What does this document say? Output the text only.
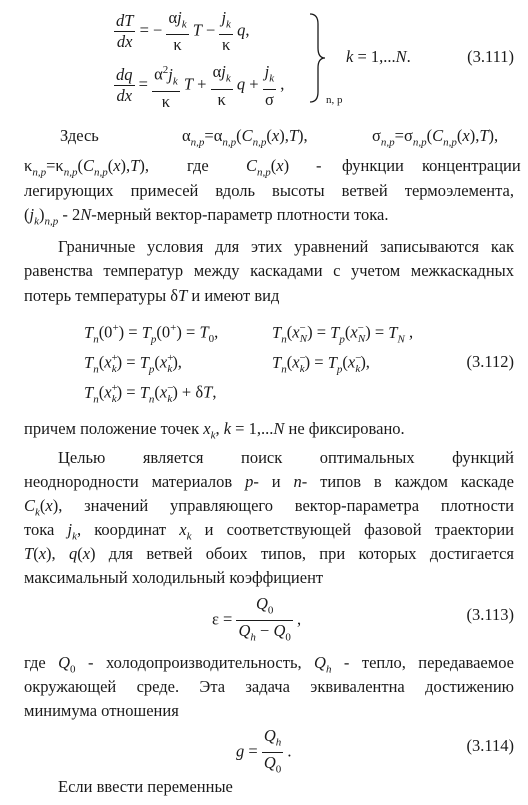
$\frac{dT}{dx}$ = − $\frac{\alpha j_k}{\kappa}$ $T - \frac{j_k}{\kappa} q$,
$\frac{dq}{dx} = \frac{\alpha^2j_k}{\kappa}$ $T + \frac{\alpha j_k}{\kappa}$ $q + \frac{j_k}{\sigma}$ ,
n, p
k = 1,...N.	(3.111)
Здесь	$\alpha_{n,p}=\alpha_{n,p}(C_{n,p}(x),T)$,	$\sigma_{n,p}=\sigma_{n,p}(C_{n,p}(x),T)$,
$\kappa_{n,p}=\kappa_{n,p}(C_{n,p}(x),T)$, где $C_{n,p}(x)$ - функции концентрации
легирующих примесей вдоль высоты ветвей термоэлемента,
$(j_k)_{n,p}$ - 2N-мерный вектор-параметр плотности тока.
Граничные условия для этих уравнений записываются как
равенства температур между каскадами с учетом межкаскадных
потерь температуры δT и имеют вид
$T_n(0^+) = T_p(0^+) = T_0$,	$T_n(x^-_N) = T_p(x^-_N) = T_N$ ,
$T_n(x^+_k) = T_p(x^+_k)$,	$T_n(x^-_k) = T_p(x^-_k)$,
$T_n(x^+_k) = T_n(x^-_k) + \delta T$,
(3.112)
причем положение точек $x_k$, k = 1,...N не фиксировано.
Целью является поиск оптимальных функций
неоднородности материалов p- и n- типов в каждом каскаде
$C_k(x)$, значений управляющего вектор-параметра плотности
тока $j_k$, координат $x_k$ и соответствующей фазовой траектории
T(x), q(x) для ветвей обоих типов, при которых достигается
максимальный холодильный коэффициент
$\varepsilon = \frac{Q_0}{Q_h - Q_0}$ ,	(3.113)
где $Q_0$ - холодопроизводительность, $Q_h$ - тепло, передаваемое
окружающей среде. Эта задача эквивалентна достижению
минимума отношения
$g = \frac{Q_h}{Q_0}$ .	(3.114)
Если ввести переменные
